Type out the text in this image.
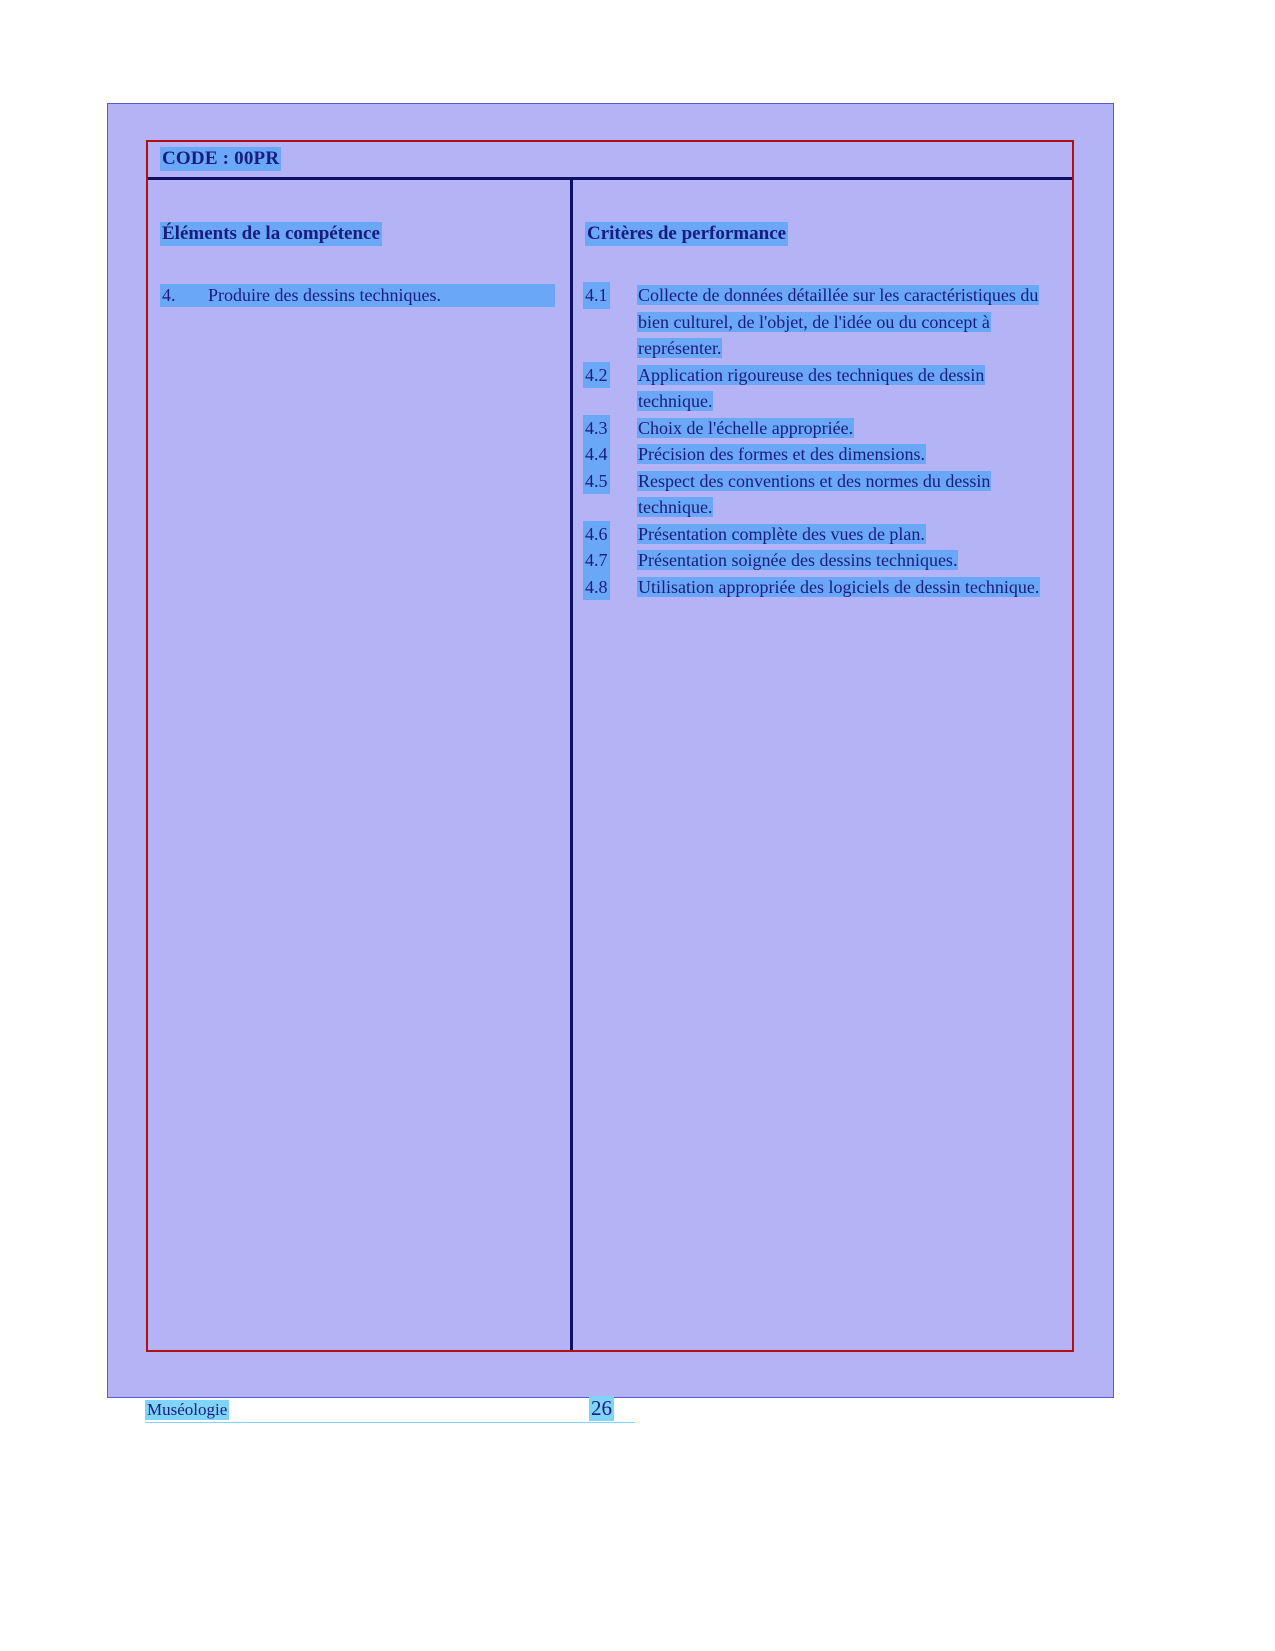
CODE : 00PR
Éléments de la compétence
4. Produire des dessins techniques.
Critères de performance
4.1 Collecte de données détaillée sur les caractéristiques du bien culturel, de l'objet, de l'idée ou du concept à représenter.
4.2 Application rigoureuse des techniques de dessin technique.
4.3 Choix de l'échelle appropriée.
4.4 Précision des formes et des dimensions.
4.5 Respect des conventions et des normes du dessin technique.
4.6 Présentation complète des vues de plan.
4.7 Présentation soignée des dessins techniques.
4.8 Utilisation appropriée des logiciels de dessin technique.
Muséologie	26
